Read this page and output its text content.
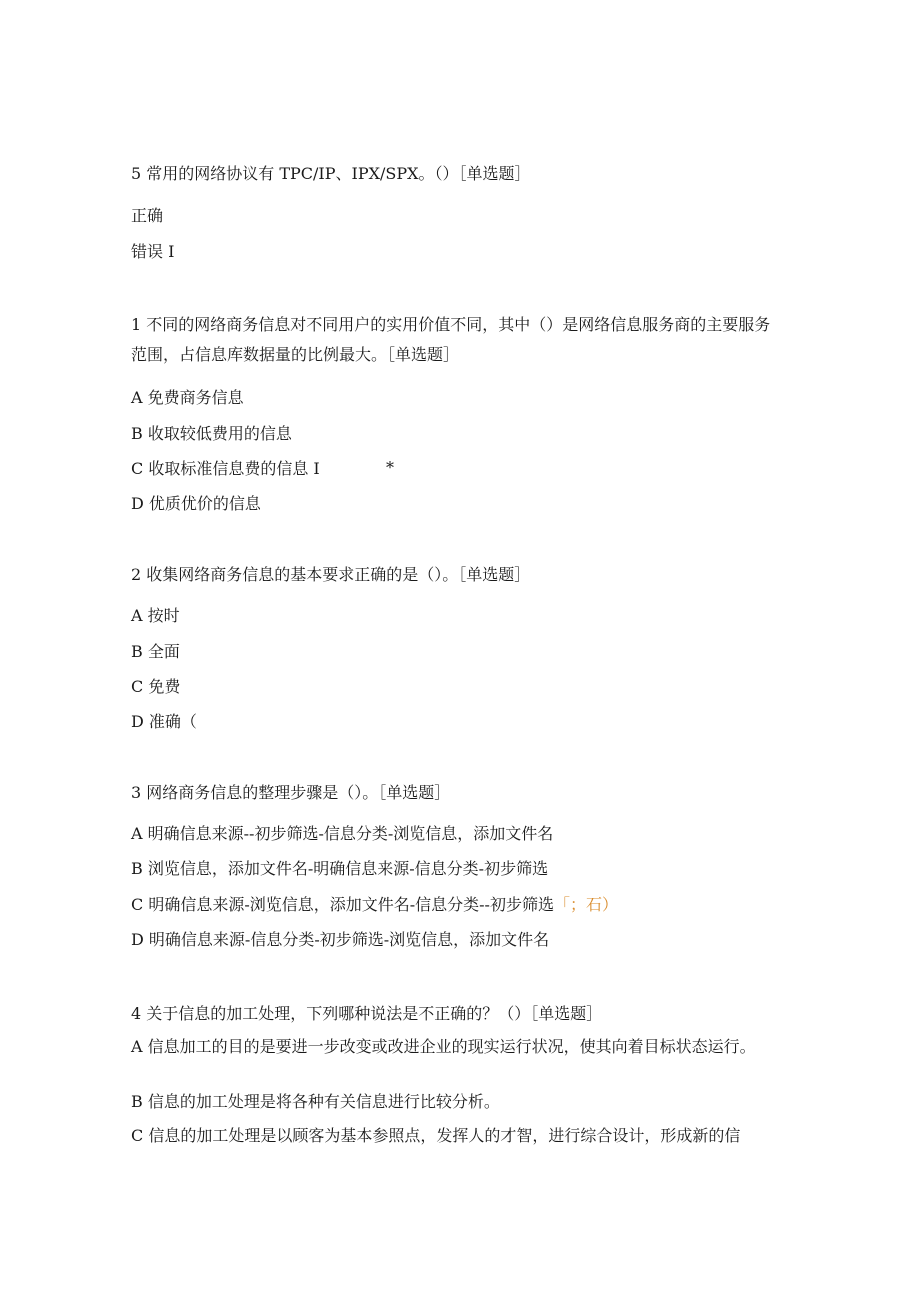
5 常用的网络协议有 TPC/IP、IPX/SPX。（）［单选题］
正确
错误 I
1 不同的网络商务信息对不同用户的实用价值不同，其中（）是网络信息服务商的主要服务范围，占信息库数据量的比例最大。［单选题］
A 免费商务信息
B 收取较低费用的信息
C 收取标准信息费的信息 I	*
D 优质优价的信息
2 收集网络商务信息的基本要求正确的是（）。［单选题］
A 按时
B 全面
C 免费
D 准确（
3 网络商务信息的整理步骤是（）。［单选题］
A 明确信息来源--初步筛选-信息分类-浏览信息，添加文件名
B 浏览信息，添加文件名-明确信息来源-信息分类-初步筛选
C 明确信息来源-浏览信息，添加文件名-信息分类--初步筛选「；石）
D 明确信息来源-信息分类-初步筛选-浏览信息，添加文件名
4 关于信息的加工处理，下列哪种说法是不正确的？（）［单选题］
A 信息加工的目的是要进一步改变或改进企业的现实运行状况，使其向着目标状态运行。
B 信息的加工处理是将各种有关信息进行比较分析。
C 信息的加工处理是以顾客为基本参照点，发挥人的才智，进行综合设计，形成新的信
